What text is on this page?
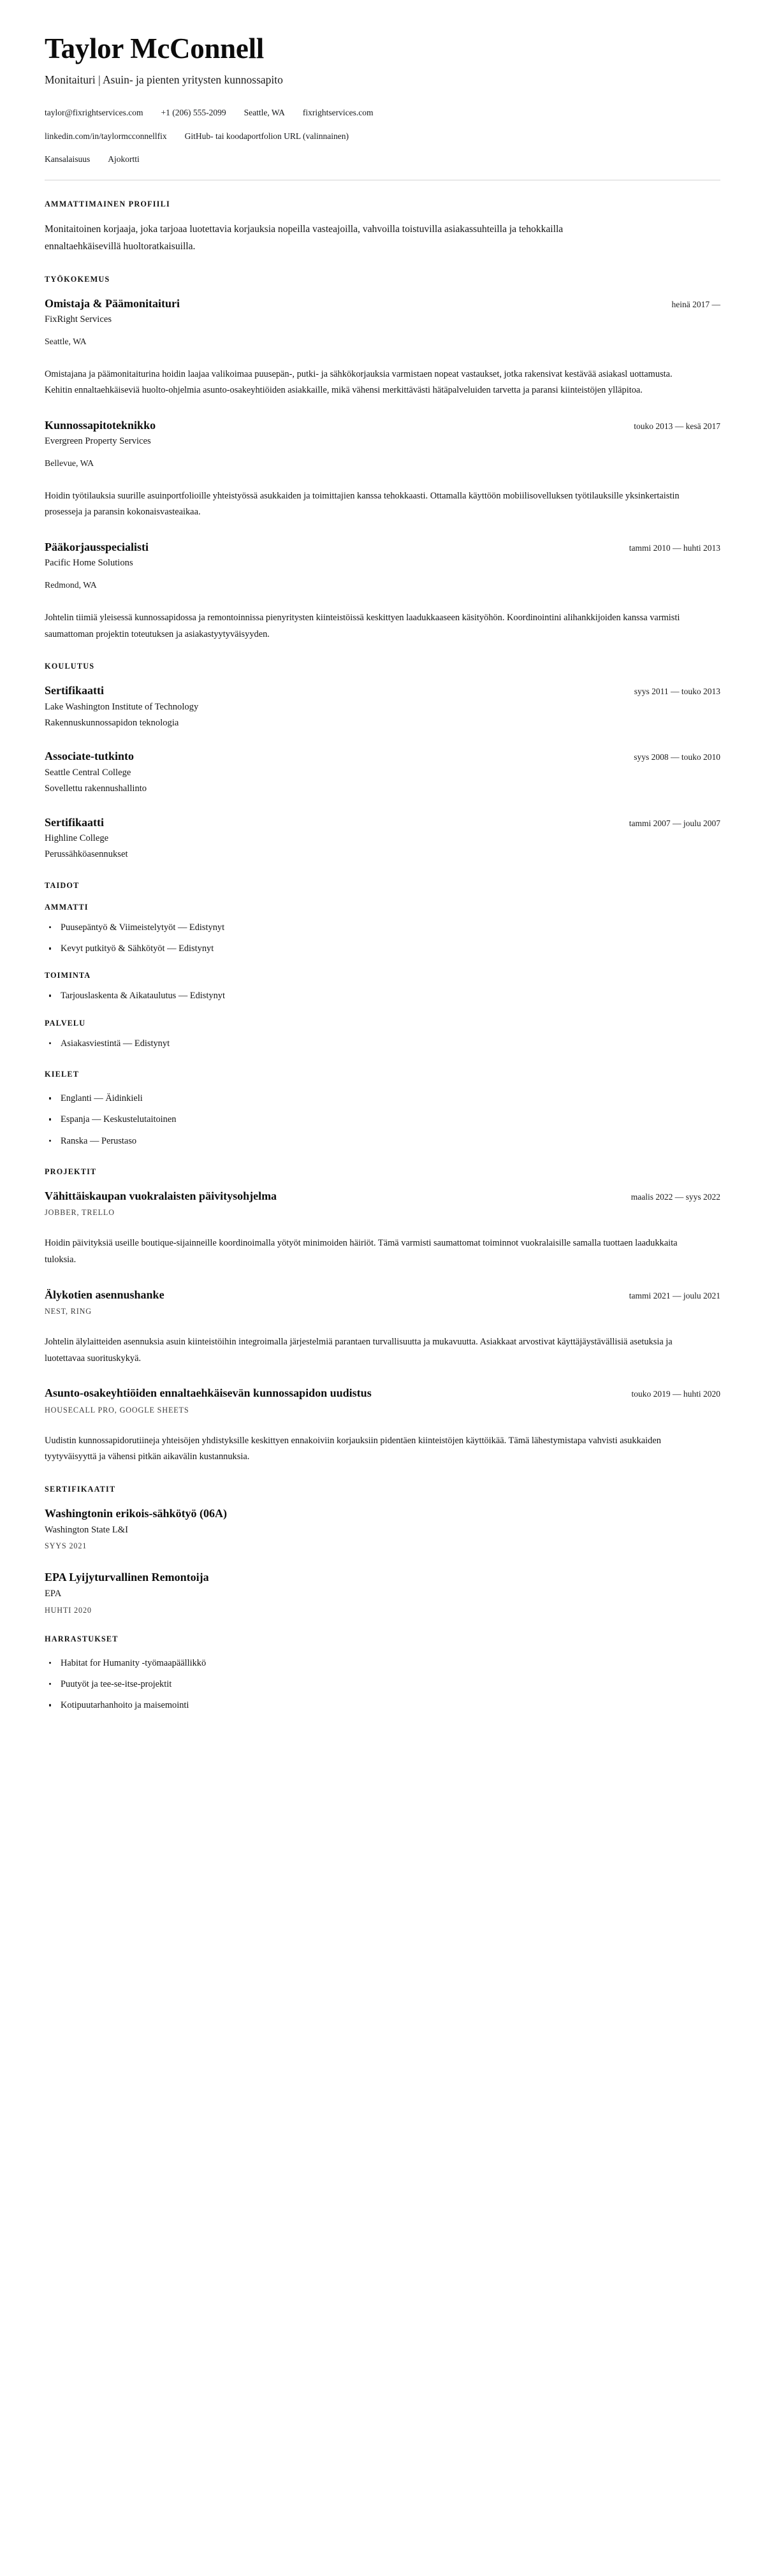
Taylor McConnell
Monitaituri | Asuin- ja pienten yritysten kunnossapito
taylor@fixrightservices.com +1 (206) 555-2099 Seattle, WA fixrightservices.com
linkedin.com/in/taylormcconnellfix GitHub- tai koodaportfolion URL (valinnainen)
Kansalaisuus Ajokortti
AMMATTIMAINEN PROFIILI

Monitaitoinen korjaaja, joka tarjoaa luotettavia korjauksia nopeilla vasteajoilla, vahvoilla toistuvilla asiakassuhteilla ja tehokkailla ennaltaehkäisevillä huoltoratkaisuilla.

TYÖKOKEMUS
Omistaja & Päämonitaituri	heinä 2017 —
FixRight Services
Seattle, WA

Omistajana ja päämonitaiturina hoidin laajaa valikoimaa puusepän-, putki- ja sähkökorjauksia varmistaen nopeat vastaukset, jotka rakensivat kestävää asiakasl uottamusta. Kehitin ennaltaehkäiseviä huolto-ohjelmia asunto-osakeyhtiöiden asiakkaille, mikä vähensi merkittävästi hätäpalveluiden tarvetta ja paransi kiinteistöjen ylläpitoa.

Kunnossapitoteknikko	touko 2013 — kesä 2017
Evergreen Property Services
Bellevue, WA

Hoidin työtilauksia suurille asuinportfolioille yhteistyössä asukkaiden ja toimittajien kanssa tehokkaasti. Ottamalla käyttöön mobiilisovelluksen työtilauksille yksinkertaistin prosesseja ja paransin kokonaisvasteaikaa.

Pääkorjausspecialisti	tammi 2010 — huhti 2013
Pacific Home Solutions
Redmond, WA

Johtelin tiimiä yleisessä kunnossapidossa ja remontoinnissa pienyritysten kiinteistöissä keskittyen laadukkaaseen käsityöhön. Koordinointini alihankkijoiden kanssa varmisti saumattoman projektin toteutuksen ja asiakastyytyväisyyden.

KOULUTUS
Sertifikaatti	syys 2011 — touko 2013
Lake Washington Institute of Technology
Rakennuskunnossapidon teknologia
Associate-tutkinto	syys 2008 — touko 2010
Seattle Central College
Sovellettu rakennushallinto
Sertifikaatti	tammi 2007 — joulu 2007
Highline College
Perussähköasennukset
TAIDOT
AMMATTI
Puusepäntyö & Viimeistelytyöt — Edistynyt
Kevyt putkityö & Sähkötyöt — Edistynyt
TOIMINTA
Tarjouslaskenta & Aikataulutus — Edistynyt
PALVELU
Asiakasviestintä — Edistynyt
KIELET
Englanti — Äidinkieli
Espanja — Keskustelutaitoinen
Ranska — Perustaso
PROJEKTIT
Vähittäiskaupan vuokralaisten päivitysohjelma	maalis 2022 — syys 2022
JOBBER, TRELLO

Hoidin päivityksiä useille boutique-sijainneille koordinoimalla yötyöt minimoiden häiriöt. Tämä varmisti saumattomat toiminnot vuokralaisille samalla tuottaen laadukkaita tuloksia.

Älykotien asennushanke	tammi 2021 — joulu 2021
NEST, RING

Johtelin älylaitteiden asennuksia asuin kiinteistöihin integroimalla järjestelmiä parantaen turvallisuutta ja mukavuutta. Asiakkaat arvostivat käyttäjäystävällisiä asetuksia ja luotettavaa suorituskykyä.

Asunto-osakeyhtiöiden ennaltaehkäisevän kunnossapidon uudistus	touko 2019 — huhti 2020
HOUSECALL PRO, GOOGLE SHEETS

Uudistin kunnossapidorutiineja yhteisöjen yhdistyksille keskittyen ennakoiviin korjauksiin pidentäen kiinteistöjen käyttöikää. Tämä lähestymistapa vahvisti asukkaiden tyytyväisyyttä ja vähensi pitkän aikavälin kustannuksia.

SERTIFIKAATIT
Washingtonin erikois-sähkötyö (06A)
Washington State L&I
SYYS 2021
EPA Lyijyturvallinen Remontoija
EPA
HUHTI 2020
HARRASTUKSET
Habitat for Humanity -työmaapäällikkö
Puutyöt ja tee-se-itse-projektit
Kotipuutarhanhoito ja maisemointi
